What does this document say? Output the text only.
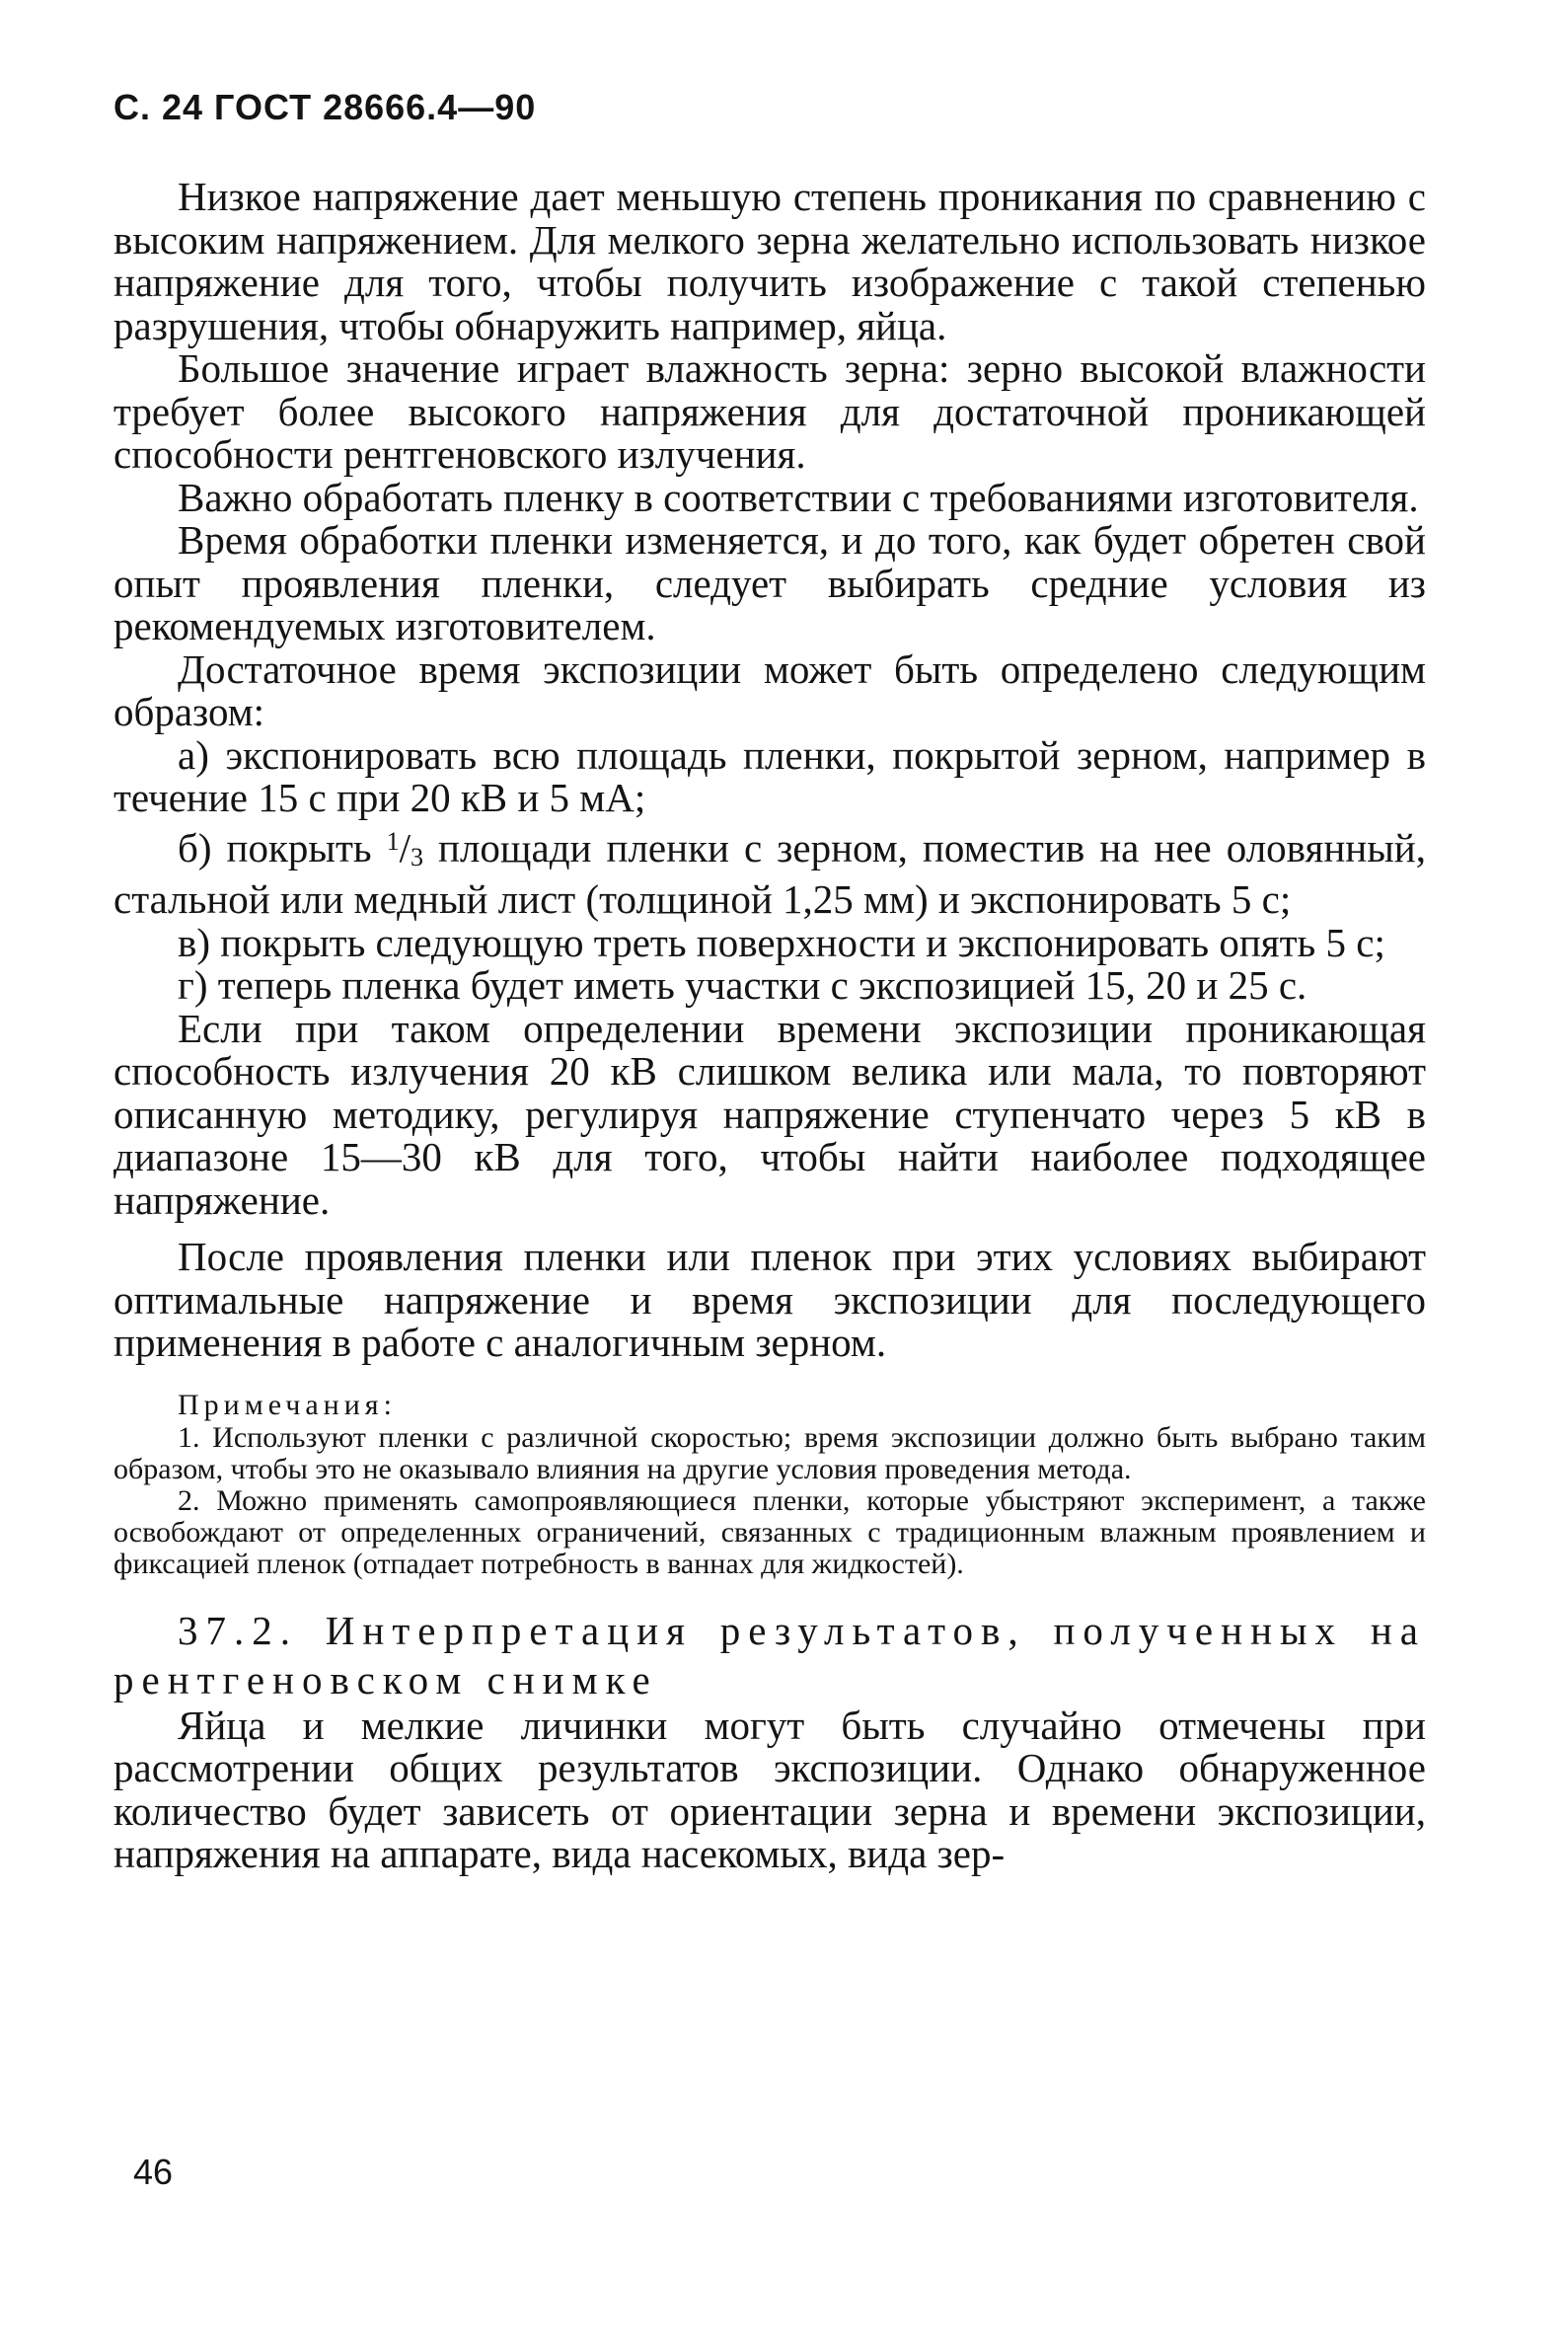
С. 24 ГОСТ 28666.4—90

Низкое напряжение дает меньшую степень проникания по сравнению с высоким напряжением. Для мелкого зерна желательно использовать низкое напряжение для того, чтобы получить изображение с такой степенью разрушения, чтобы обнаружить например, яйца.

Большое значение играет влажность зерна: зерно высокой влажности требует более высокого напряжения для достаточной проникающей способности рентгеновского излучения.

Важно обработать пленку в соответствии с требованиями изготовителя.

Время обработки пленки изменяется, и до того, как будет обретен свой опыт проявления пленки, следует выбирать средние условия из рекомендуемых изготовителем.

Достаточное время экспозиции может быть определено следующим образом:

а) экспонировать всю площадь пленки, покрытой зерном, например в течение 15 с при 20 кВ и 5 мА;

б) покрыть $^1/_3$ площади пленки с зерном, поместив на нее оловянный, стальной или медный лист (толщиной 1,25 мм) и экспонировать 5 с;

в) покрыть следующую треть поверхности и экспонировать опять 5 с;

г) теперь пленка будет иметь участки с экспозицией 15, 20 и 25 с.

Если при таком определении времени экспозиции проникающая способность излучения 20 кВ слишком велика или мала, то повторяют описанную методику, регулируя напряжение ступенчато через 5 кВ в диапазоне 15—30 кВ для того, чтобы найти наиболее подходящее напряжение.

После проявления пленки или пленок при этих условиях выбирают оптимальные напряжение и время экспозиции для последующего применения в работе с аналогичным зерном.

Примечания:

1. Используют пленки с различной скоростью; время экспозиции должно быть выбрано таким образом, чтобы это не оказывало влияния на другие условия проведения метода.

2. Можно применять самопроявляющиеся пленки, которые убыстряют эксперимент, а также освобождают от определенных ограничений, связанных с традиционным влажным проявлением и фиксацией пленок (отпадает потребность в ваннах для жидкостей).

37.2. Интерпретация результатов, полученных на рентгеновском снимке

Яйца и мелкие личинки могут быть случайно отмечены при рассмотрении общих результатов экспозиции. Однако обнаруженное количество будет зависеть от ориентации зерна и времени экспозиции, напряжения на аппарате, вида насекомых, вида зер-

46
